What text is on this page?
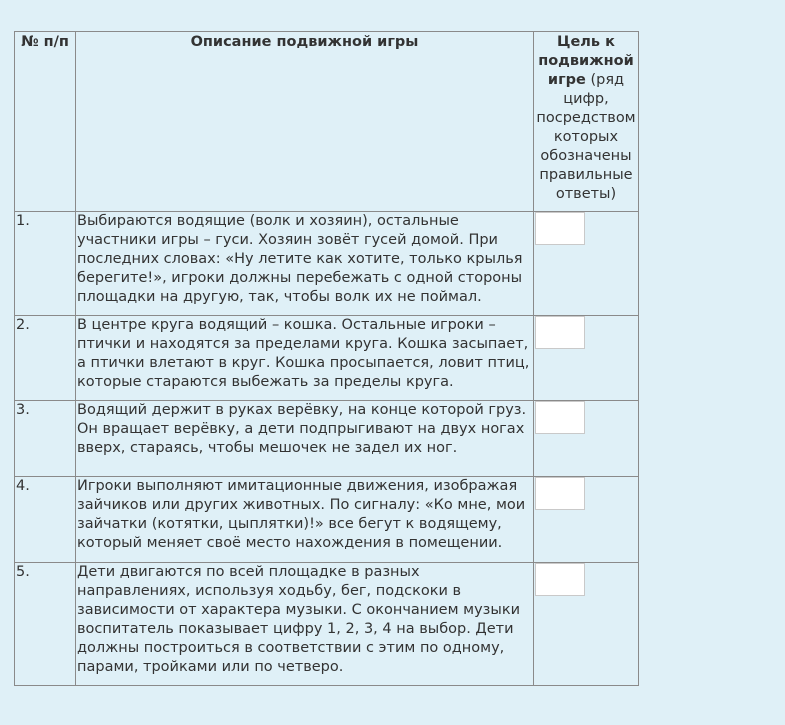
№ п/п	Описание подвижной игры	Цель к подвижной игре (ряд цифр, посредством которых обозначены правильные ответы)
1.	Выбираются водящие (волк и хозяин), остальные участники игры – гуси. Хозяин зовёт гусей домой. При последних словах: «Ну летите как хотите, только крылья берегите!», игроки должны перебежать с одной стороны площадки на другую, так, чтобы волк их не поймал.	

2.	В центре круга водящий – кошка. Остальные игроки – птички и находятся за пределами круга. Кошка засыпает, а птички влетают в круг. Кошка просыпается, ловит птиц, которые стараются выбежать за пределы круга.	

3.	Водящий держит в руках верёвку, на конце которой груз. Он вращает верёвку, а дети подпрыгивают на двух ногах вверх, стараясь, чтобы мешочек не задел их ног.	

4.	Игроки выполняют имитационные движения, изображая зайчиков или других животных. По сигналу: «Ко мне, мои зайчатки (котятки, цыплятки)!» все бегут к водящему, который меняет своё место нахождения в помещении.	

5.	Дети двигаются по всей площадке в разных направлениях, используя ходьбу, бег, подскоки в зависимости от характера музыки. С окончанием музыки воспитатель показывает цифру 1, 2, 3, 4 на выбор. Дети должны построиться в соответствии с этим по одному, парами, тройками или по четверо.	
